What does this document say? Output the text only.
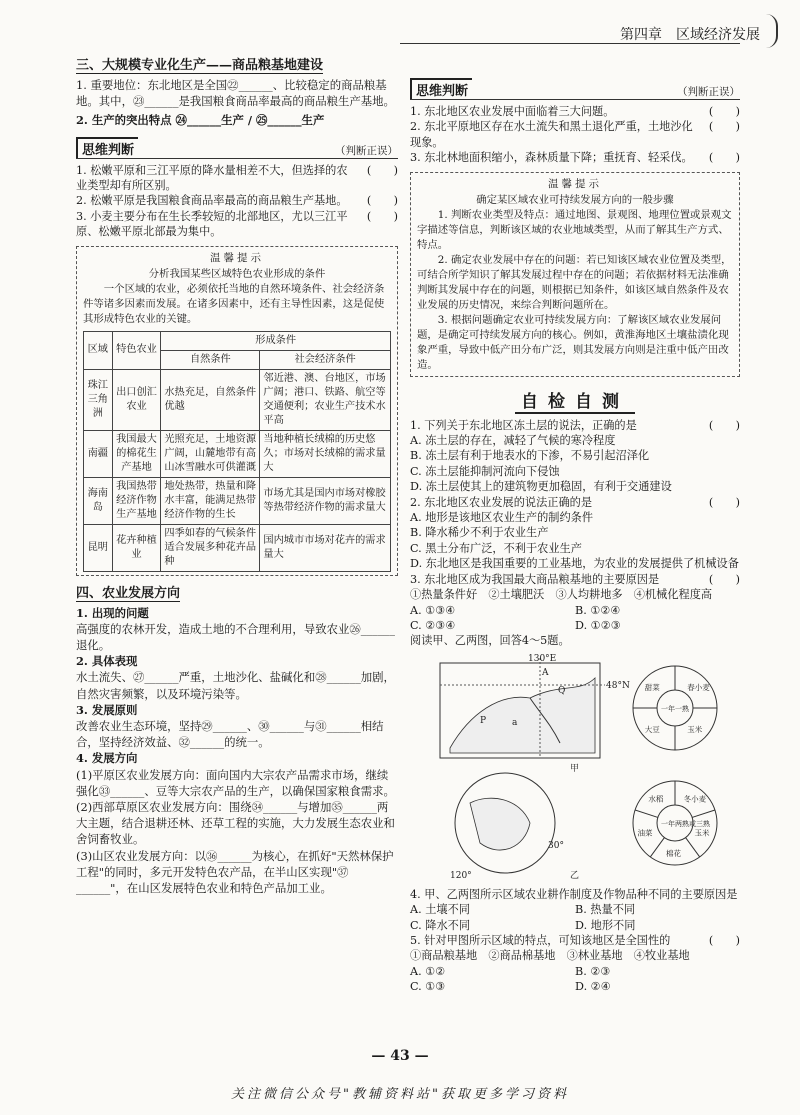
第四章　区域经济发展
三、大规模专业化生产——商品粮基地建设

1. 重要地位：东北地区是全国㉒______、比较稳定的商品粮基地。其中，㉓______是我国粮食商品率最高的商品粮生产基地。

2. 生产的突出特点 ㉔______生产 / ㉕______生产

思维判断	（判断正误）
1. 松嫩平原和三江平原的降水量相差不大，但选择的农业类型却有所区别。
(　　)
2. 松嫩平原是我国粮食商品率最高的商品粮生产基地。	(　　)
3. 小麦主要分布在生长季较短的北部地区，尤以三江平原、松嫩平原北部最为集中。
(　　)
温馨提示

分析我国某些区域特色农业形成的条件
一个区域的农业，必须依托当地的自然环境条件、社会经济条件等诸多因素而发展。在诸多因素中，还有主导性因素，这是促使其形成特色农业的关键。

区域	特色农业	形成条件	
		自然条件	社会经济条件
珠江三角洲	出口创汇农业	水热充足，自然条件优越	邻近港、澳、台地区，市场广阔；港口、铁路、航空等交通便利；农业生产技术水平高
南疆	我国最大的棉花生产基地	光照充足，土地资源广阔，山麓地带有高山冰雪融水可供灌溉	当地种植长绒棉的历史悠久；市场对长绒棉的需求量大
海南岛	我国热带经济作物生产基地	地处热带，热量和降水丰富，能满足热带经济作物的生长	市场尤其是国内市场对橡胶等热带经济作物的需求量大
昆明	花卉种植业	四季如春的气候条件适合发展多种花卉品种	国内城市市场对花卉的需求量大
四、农业发展方向

1. 出现的问题

高强度的农林开发，造成土地的不合理利用，导致农业㉖______退化。

2. 具体表现

水土流失、㉗______严重，土地沙化、盐碱化和㉘______加剧，自然灾害频繁，以及环境污染等。

3. 发展原则

改善农业生态环境，坚持㉙______、㉚______与㉛______相结合，坚持经济效益、㉜______的统一。

4. 发展方向

(1)平原区农业发展方向：面向国内大宗农产品需求市场，继续强化㉝______、豆等大宗农产品的生产，以确保国家粮食需求。

(2)西部草原区农业发展方向：围绕㉞______与增加㉟______两大主题，结合退耕还林、还草工程的实施，大力发展生态农业和舍饲畜牧业。

(3)山区农业发展方向：以㊱______为核心，在抓好"天然林保护工程"的同时，多元开发特色农产品，在半山区实现"㊲______"，在山区发展特色农业和特色产品加工业。

思维判断	（判断正误）
1. 东北地区农业发展中面临着三大问题。	(　　)
2. 东北平原地区存在水土流失和黑土退化严重，土地沙化现象。
(　　)
3. 东北林地面积缩小，森林质量下降；重抚育、轻采伐。	(　　)
温馨提示

确定某区域农业可持续发展方向的一般步骤
1. 判断农业类型及特点：通过地图、景观图、地理位置或景观文字描述等信息，判断该区域的农业地域类型，从而了解其生产方式、特点。
2. 确定农业发展中存在的问题：若已知该区域农业位置及类型，可结合所学知识了解其发展过程中存在的问题；若依据材料无法准确判断其发展中存在的问题，则根据已知条件，如该区域自然条件及农业发展的历史情况，来综合判断问题所在。
3. 根据问题确定农业可持续发展方向：了解该区域农业发展问题，是确定可持续发展方向的核心。例如，黄淮海地区土壤盐渍化现象严重，导致中低产田分布广泛，则其发展方向则是注重中低产田改造。

自检自测
1. 下列关于东北地区冻土层的说法，正确的是	(　　)
A. 冻土层的存在，减轻了气候的寒冷程度
B. 冻土层有利于地表水的下渗，不易引起沼泽化
C. 冻土层能抑制河流向下侵蚀
D. 冻土层使其上的建筑物更加稳固，有利于交通建设
2. 东北地区农业发展的说法正确的是	(　　)
A. 地形是该地区农业生产的制约条件
B. 降水稀少不利于农业生产
C. 黑土分布广泛，不利于农业生产
D. 东北地区是我国重要的工业基地，为农业的发展提供了机械设备
3. 东北地区成为我国最大商品粮基地的主要原因是	(　　)
①热量条件好　②土壤肥沃　③人均耕地多　④机械化程度高
A. ①③④	B. ①②④
C. ②③④	D. ①②③
阅读甲、乙两图，回答4～5题。
130°E
48°N
P
Q
A
a
甲
120°
30°
乙
春小麦
玉米
大豆
甜菜
一年一熟
冬小麦
玉米
棉花
油菜
水稻
一年两熟或三熟
4. 甲、乙两图所示区域农业耕作制度及作物品种不同的主要原因是
A. 土壤不同	B. 热量不同
C. 降水不同	D. 地形不同
5. 针对甲图所示区域的特点，可知该地区是全国性的	(　　)
①商品粮基地　②商品棉基地　③林业基地　④牧业基地
A. ①②	B. ②③
C. ①③	D. ②④
— 43 —
关注微信公众号"教辅资料站"获取更多学习资料
